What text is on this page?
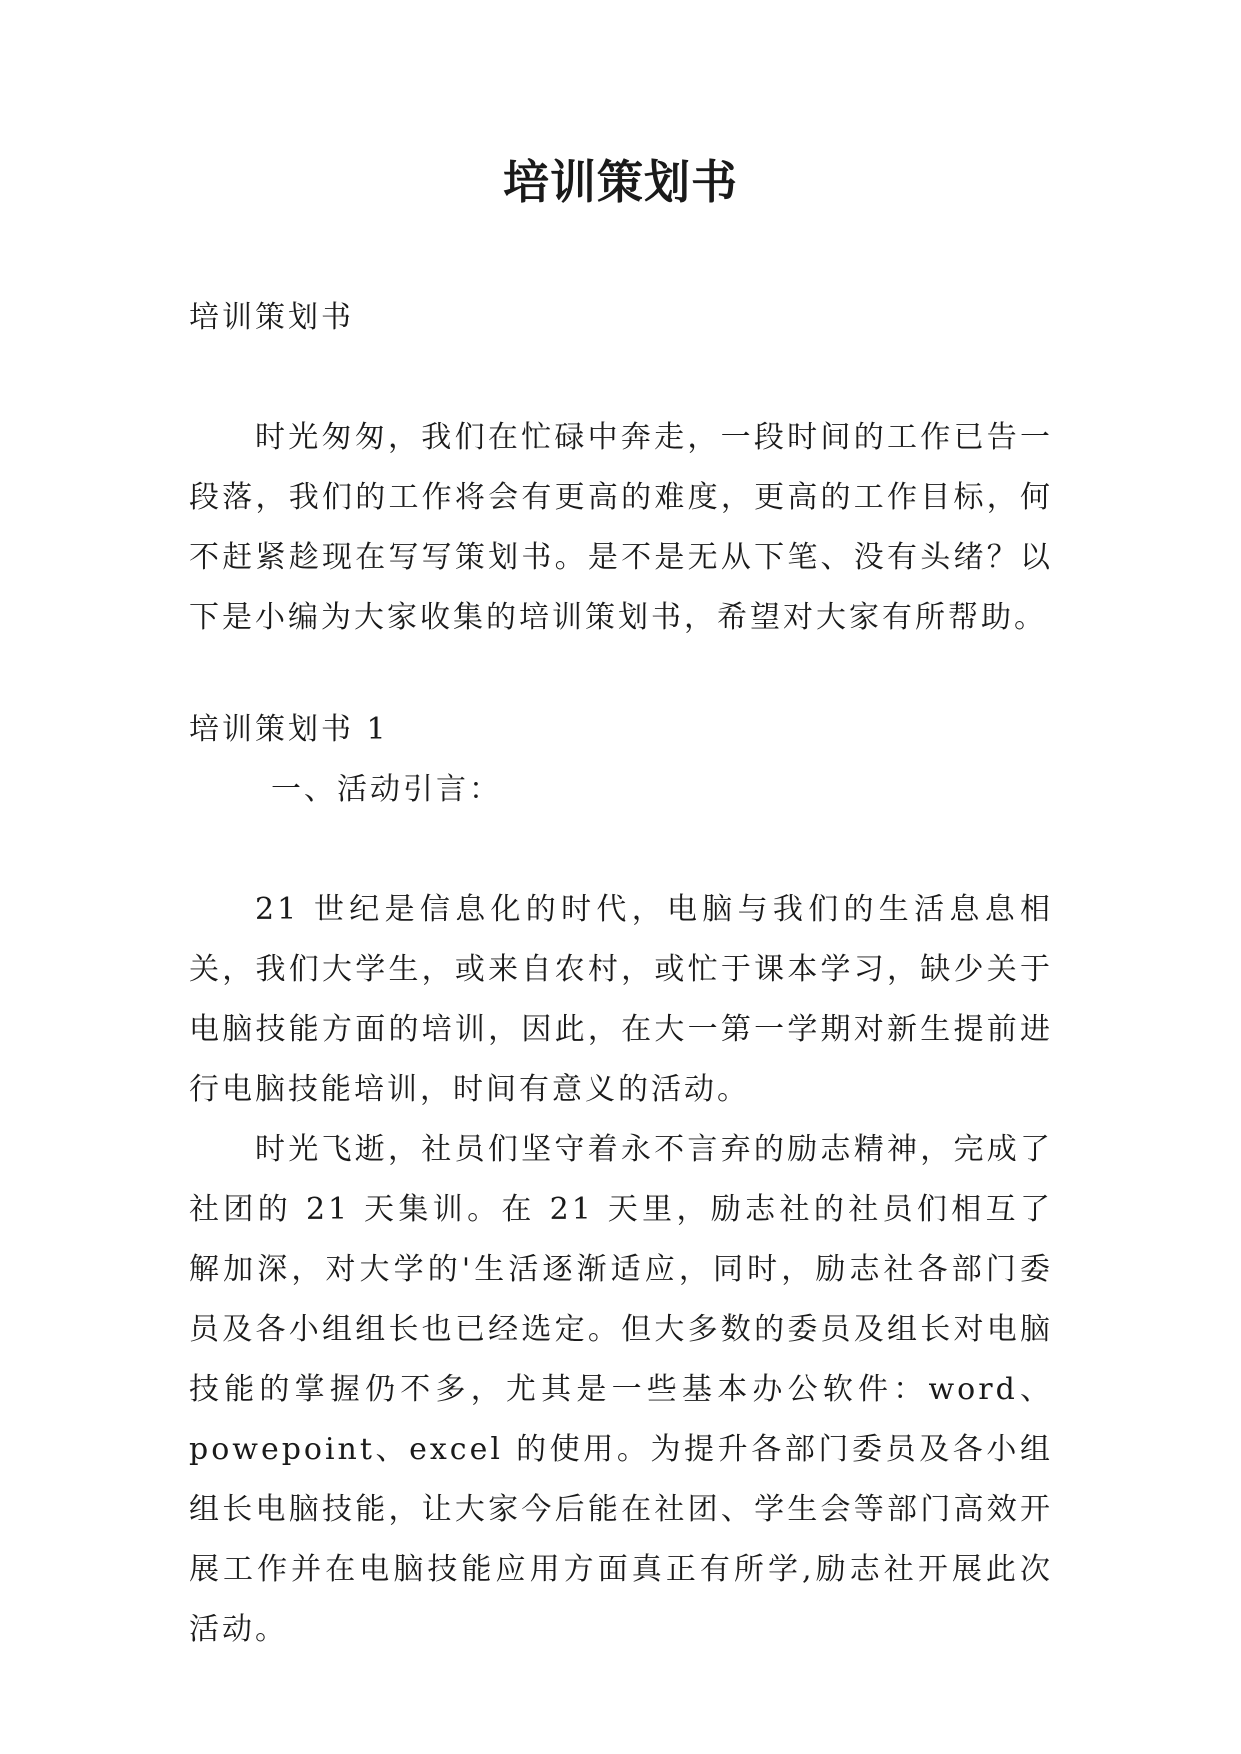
培训策划书

培训策划书

时光匆匆，我们在忙碌中奔走，一段时间的工作已告一段落，我们的工作将会有更高的难度，更高的工作目标，何不赶紧趁现在写写策划书。是不是无从下笔、没有头绪？以下是小编为大家收集的培训策划书，希望对大家有所帮助。

培训策划书 1

一、活动引言：

21 世纪是信息化的时代，电脑与我们的生活息息相关，我们大学生，或来自农村，或忙于课本学习，缺少关于电脑技能方面的培训，因此，在大一第一学期对新生提前进行电脑技能培训，时间有意义的活动。

时光飞逝，社员们坚守着永不言弃的励志精神，完成了社团的 21 天集训。在 21 天里，励志社的社员们相互了解加深，对大学的'生活逐渐适应，同时，励志社各部门委员及各小组组长也已经选定。但大多数的委员及组长对电脑技能的掌握仍不多，尤其是一些基本办公软件：word、powepoint、excel 的使用。为提升各部门委员及各小组组长电脑技能，让大家今后能在社团、学生会等部门高效开展工作并在电脑技能应用方面真正有所学,励志社开展此次活动。
